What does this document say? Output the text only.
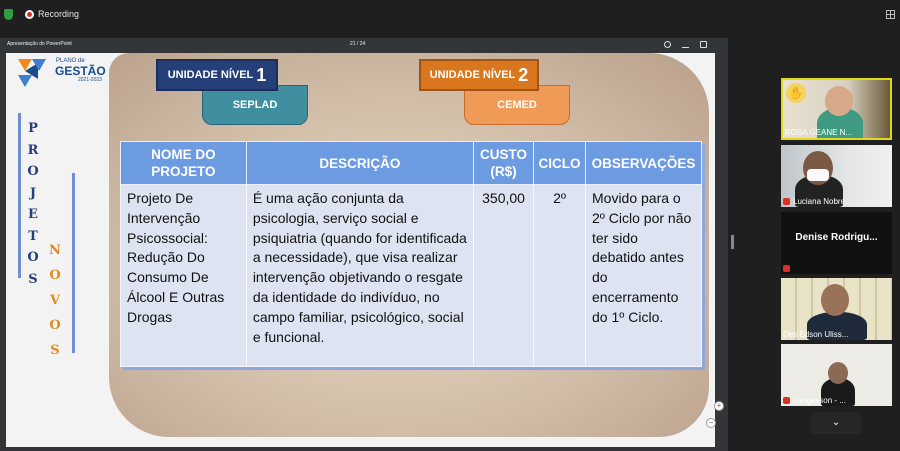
Recording
Apresentação do PowerPoint	21 / 24
PLANO de
GESTÃO
2021-2023
P
R
O
J
E
T
O
S
N
O
V
O
S
SEPLAD
UNIDADE NÍVEL 1
CEMED
UNIDADE NÍVEL 2
NOME DO PROJETO	DESCRIÇÃO	CUSTO (R$)	CICLO	OBSERVAÇÕES
Projeto De Intervenção Psicossocial: Redução Do Consumo De Álcool E Outras Drogas	É uma ação conjunta da psicologia, serviço social e psiquiatria (quando for identificada a necessidade), que visa realizar intervenção objetivando o resgate da identidade do indivíduo, no campo familiar, psicológico, social e funcional.	350,00	2º	Movido para o 2º Ciclo por não ter sido debatido antes do encerramento do 1º Ciclo.
+
−
✋
ROSA GEANE N...
Luciana Nobre
Denise Rodrigu...
Des Edson Uliss...
Langesson - ...
⌄
